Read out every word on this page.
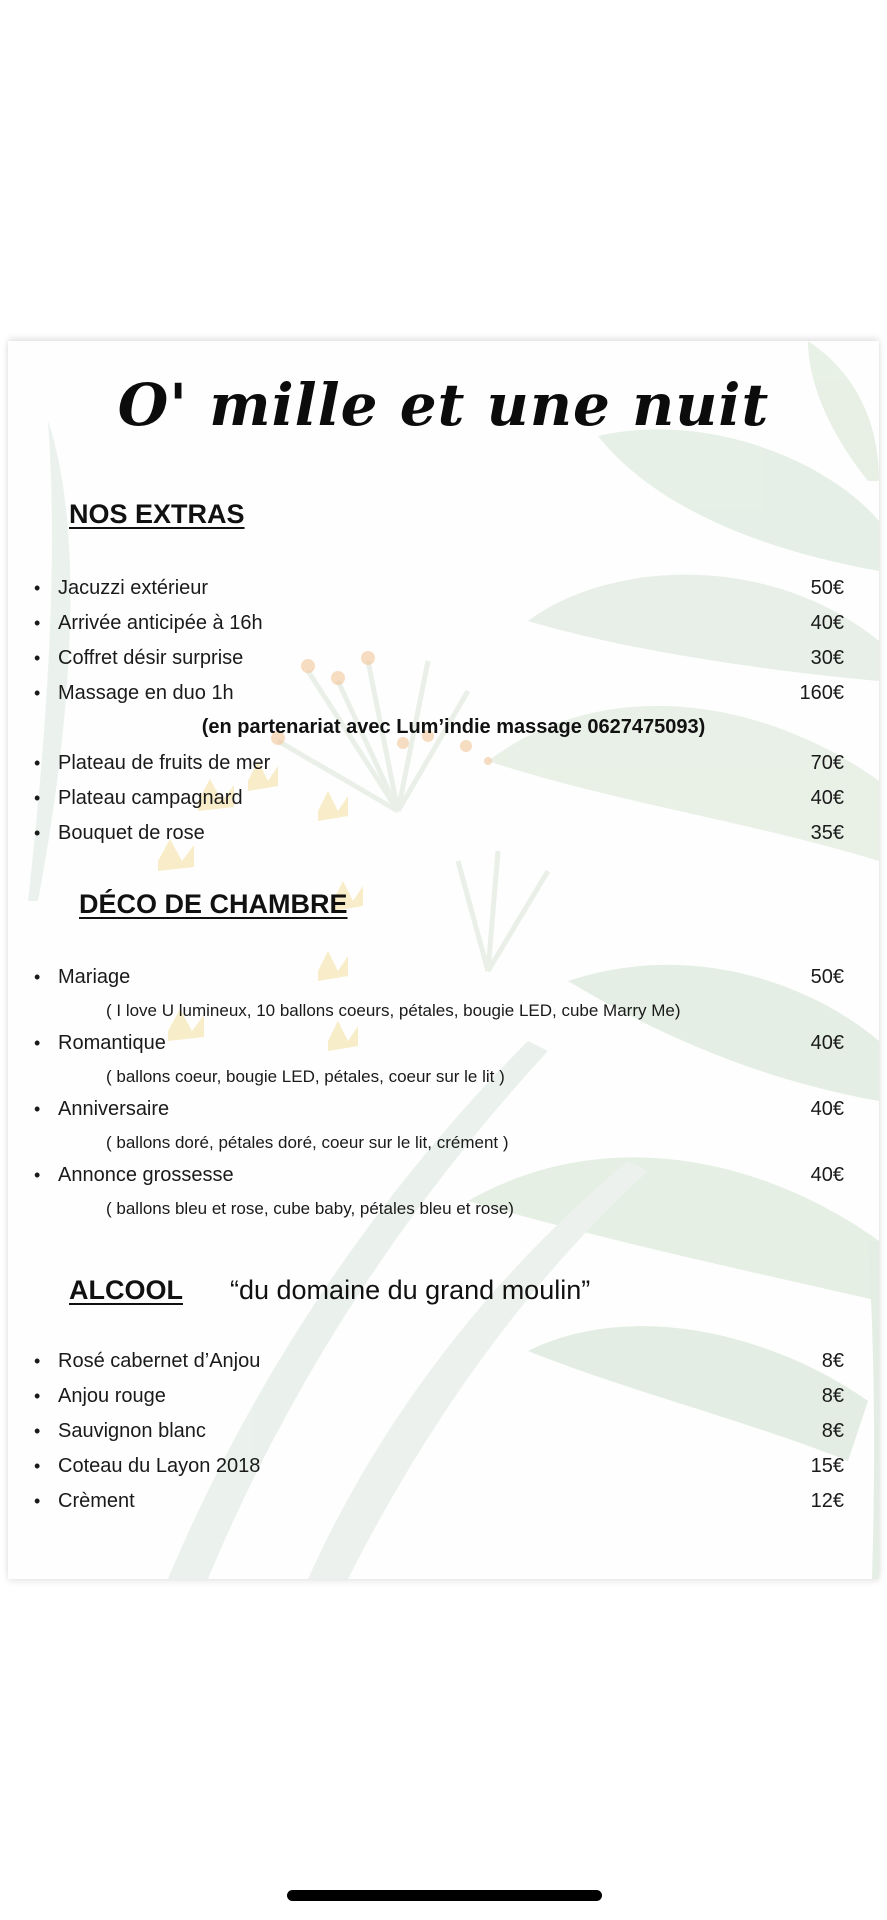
O' mille et une nuit
NOS EXTRAS
• Jacuzzi extérieur	50€
• Arrivée anticipée à 16h	40€
• Coffret désir surprise	30€
• Massage en duo 1h	160€
(en partenariat avec Lum’indie massage 0627475093)
• Plateau de fruits de mer	70€
• Plateau campagnard	40€
• Bouquet de rose	35€
DÉCO DE CHAMBRE
• Mariage	50€
( I love U lumineux, 10 ballons coeurs, pétales, bougie LED, cube Marry Me)
• Romantique	40€
( ballons coeur, bougie LED, pétales, coeur sur le lit )
• Anniversaire	40€
( ballons doré, pétales doré, coeur sur le lit, crément )
• Annonce grossesse	40€
( ballons bleu et rose, cube baby, pétales bleu et rose)
ALCOOL “du domaine du grand moulin”
• Rosé cabernet d’Anjou	8€
• Anjou rouge	8€
• Sauvignon blanc	8€
• Coteau du Layon 2018	15€
• Crèment	12€
